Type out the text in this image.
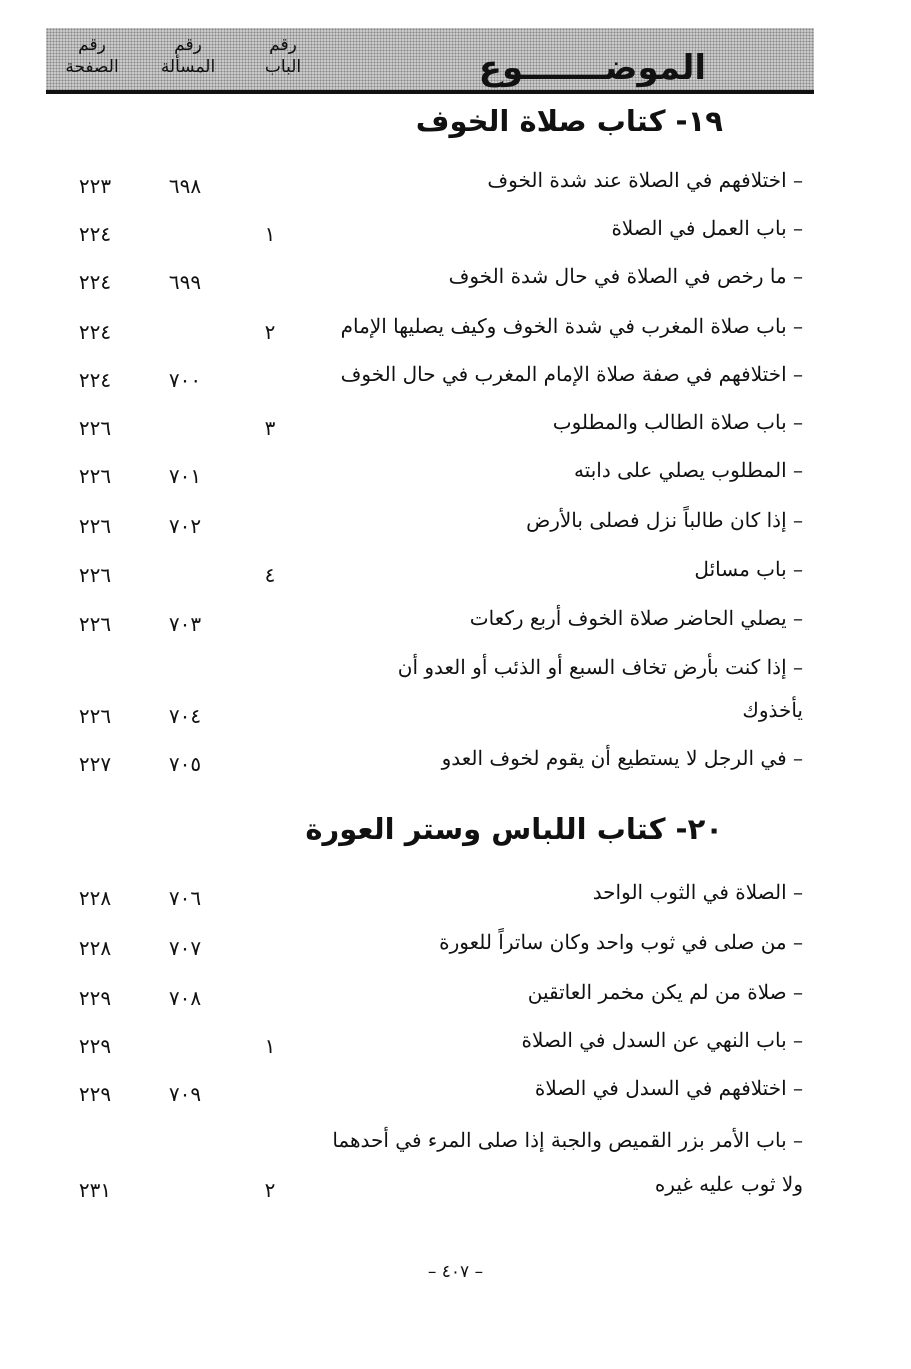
الموضـــــــوع
رقم
الباب
رقم
المسألة
رقم
الصفحة
١٩- كتاب صلاة الخوف
– اختلافهم في الصلاة عند شدة الخوف
٦٩٨
٢٢٣
– باب العمل في الصلاة
١
٢٢٤
– ما رخص في الصلاة في حال شدة الخوف
٦٩٩
٢٢٤
– باب صلاة المغرب في شدة الخوف وكيف يصليها الإمام
٢
٢٢٤
– اختلافهم في صفة صلاة الإمام المغرب في حال الخوف
٧٠٠
٢٢٤
– باب صلاة الطالب والمطلوب
٣
٢٢٦
– المطلوب يصلي على دابته
٧٠١
٢٢٦
– إذا كان طالباً نزل فصلى بالأرض
٧٠٢
٢٢٦
– باب مسائل
٤
٢٢٦
– يصلي الحاضر صلاة الخوف أربع ركعات
٧٠٣
٢٢٦
– إذا كنت بأرض تخاف السبع أو الذئب أو العدو أن
يأخذوك
٧٠٤
٢٢٦
– في الرجل لا يستطيع أن يقوم لخوف العدو
٧٠٥
٢٢٧
٢٠- كتاب اللباس وستر العورة
– الصلاة في الثوب الواحد
٧٠٦
٢٢٨
– من صلى في ثوب واحد وكان ساتراً للعورة
٧٠٧
٢٢٨
– صلاة من لم يكن مخمر العاتقين
٧٠٨
٢٢٩
– باب النهي عن السدل في الصلاة
١
٢٢٩
– اختلافهم في السدل في الصلاة
٧٠٩
٢٢٩
– باب الأمر بزر القميص والجبة إذا صلى المرء في أحدهما
ولا ثوب عليه غيره
٢
٢٣١
– ٤٠٧ –
